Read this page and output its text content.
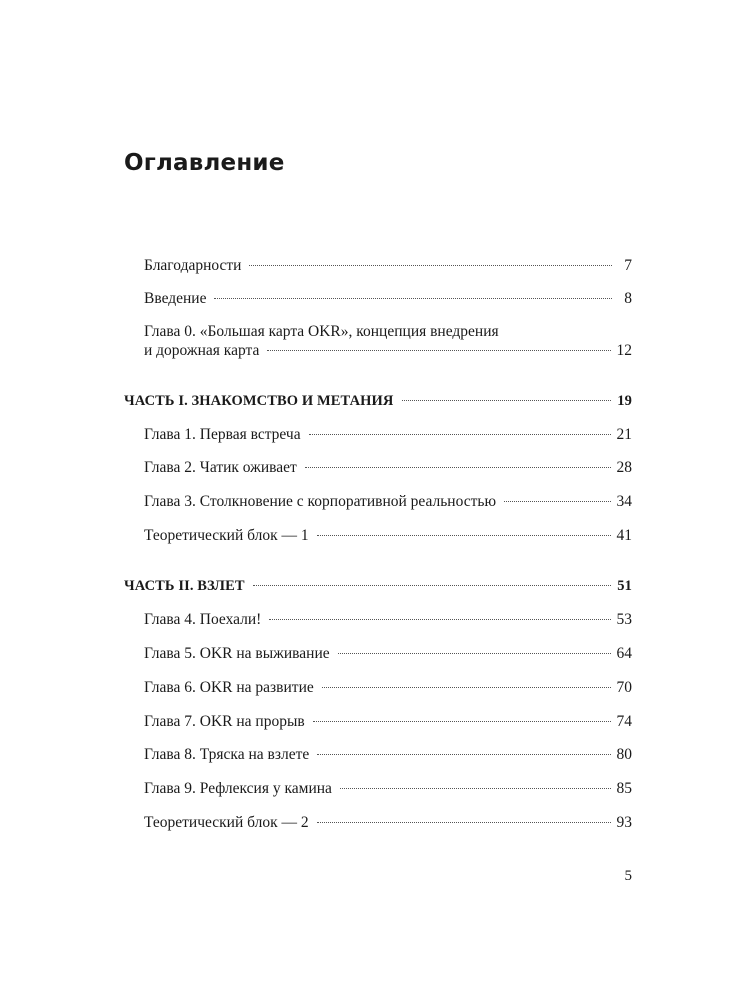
Оглавление
Благодарности	7
Введение	8
Глава 0. «Большая карта OKR», концепция внедрения
и дорожная карта	12
ЧАСТЬ I. ЗНАКОМСТВО И МЕТАНИЯ	19
Глава 1. Первая встреча	21
Глава 2. Чатик оживает	28
Глава 3. Столкновение с корпоративной реальностью	34
Теоретический блок — 1	41
ЧАСТЬ II. ВЗЛЕТ	51
Глава 4. Поехали!	53
Глава 5. OKR на выживание	64
Глава 6. OKR на развитие	70
Глава 7. OKR на прорыв	74
Глава 8. Тряска на взлете	80
Глава 9. Рефлексия у камина	85
Теоретический блок — 2	93
5
